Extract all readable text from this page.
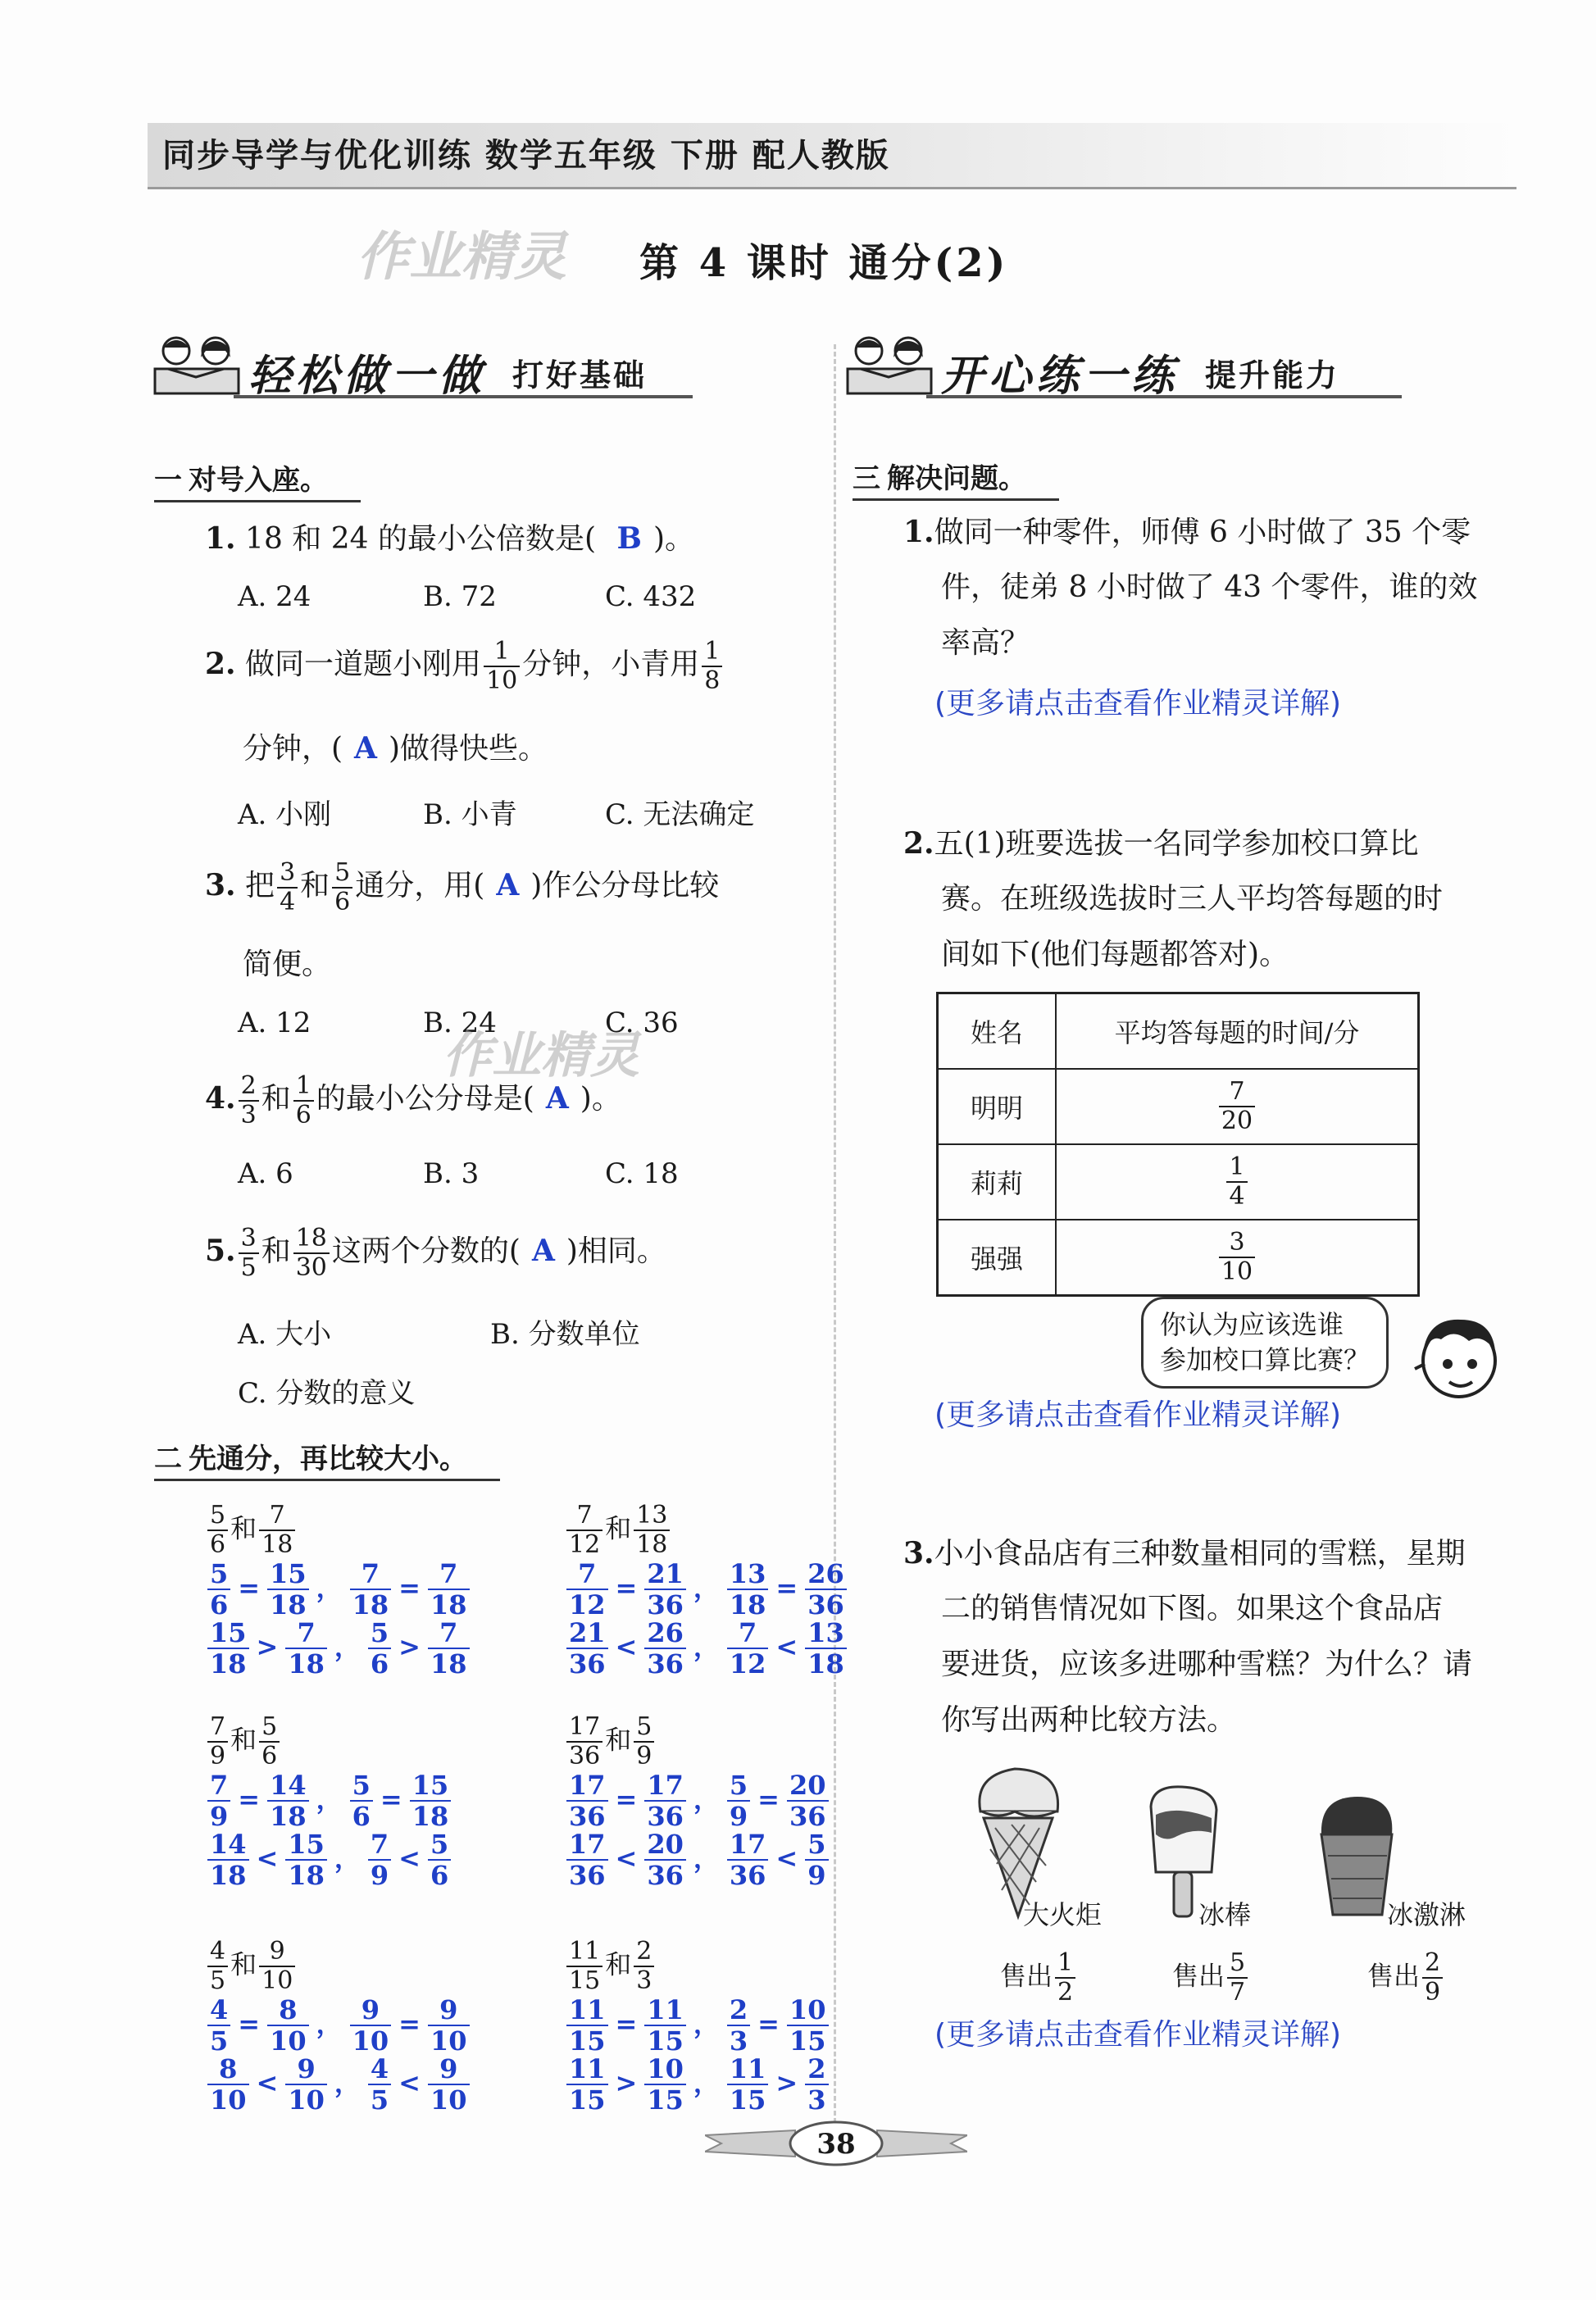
同步导学与优化训练 数学五年级 下册 配人教版
作业精灵 第 4 课时 通分(2)
轻松做一做 打好基础	开心练一练 提升能力
一 对号入座。
1. 18 和 24 的最小公倍数是( B )。
A. 24	B. 72	C. 432
2. 做同一道题小刚用 $\frac{1}{10}$ 分钟，小青用 $\frac{1}{8}$
分钟，( A )做得快些。
A. 小刚	B. 小青	C. 无法确定
3. 把 $\frac{3}{4}$ 和 $\frac{5}{6}$ 通分，用( A )作公分母比较
简便。
A. 12	B. 24	C. 36
作业精灵
4. $\frac{2}{3}$ 和 $\frac{1}{6}$ 的最小公分母是( A )。
A. 6	B. 3	C. 18
5. $\frac{3}{5}$ 和 $\frac{18}{30}$ 这两个分数的( A )相同。
A. 大小	B. 分数单位
C. 分数的意义
二 先通分，再比较大小。
$\frac{5}{6}$ 和 $\frac{7}{18}$
$\frac{5}{6} = \frac{15}{18}$ ， $\frac{7}{18} = \frac{7}{18}$
$\frac{15}{18} > \frac{7}{18}$ ， $\frac{5}{6} > \frac{7}{18}$
$\frac{7}{12}$ 和 $\frac{13}{18}$
$\frac{7}{12} = \frac{21}{36}$ ， $\frac{13}{18} = \frac{26}{36}$
$\frac{21}{36} < \frac{26}{36}$ ， $\frac{7}{12} < \frac{13}{18}$
$\frac{7}{9}$ 和 $\frac{5}{6}$
$\frac{7}{9} = \frac{14}{18}$ ， $\frac{5}{6} = \frac{15}{18}$
$\frac{14}{18} < \frac{15}{18}$ ， $\frac{7}{9} < \frac{5}{6}$
$\frac{17}{36}$ 和 $\frac{5}{9}$
$\frac{17}{36} = \frac{17}{36}$ ， $\frac{5}{9} = \frac{20}{36}$
$\frac{17}{36} < \frac{20}{36}$ ， $\frac{17}{36} < \frac{5}{9}$
$\frac{4}{5}$ 和 $\frac{9}{10}$
$\frac{4}{5} = \frac{8}{10}$ ， $\frac{9}{10} = \frac{9}{10}$
$\frac{8}{10} < \frac{9}{10}$ ， $\frac{4}{5} < \frac{9}{10}$
$\frac{11}{15}$ 和 $\frac{2}{3}$
$\frac{11}{15} = \frac{11}{15}$ ， $\frac{2}{3} = \frac{10}{15}$
$\frac{11}{15} > \frac{10}{15}$ ， $\frac{11}{15} > \frac{2}{3}$
三 解决问题。
1.做同一种零件，师傅 6 小时做了 35 个零
件，徒弟 8 小时做了 43 个零件，谁的效
率高？
(更多请点击查看作业精灵详解)
2.五(1)班要选拔一名同学参加校口算比
赛。在班级选拔时三人平均答每题的时
间如下(他们每题都答对)。
姓名	平均答每题的时间/分
明明	$\frac{7}{20}$

莉莉	$\frac{1}{4}$

强强	$\frac{3}{10}$
你认为应该选谁
参加校口算比赛？
(更多请点击查看作业精灵详解)
3.小小食品店有三种数量相同的雪糕，星期
二的销售情况如下图。如果这个食品店
要进货，应该多进哪种雪糕？为什么？请
你写出两种比较方法。
大火炬	冰棒	冰激淋
售出 $\frac{1}{2}$	售出 $\frac{5}{7}$	售出 $\frac{2}{9}$
(更多请点击查看作业精灵详解)
38
